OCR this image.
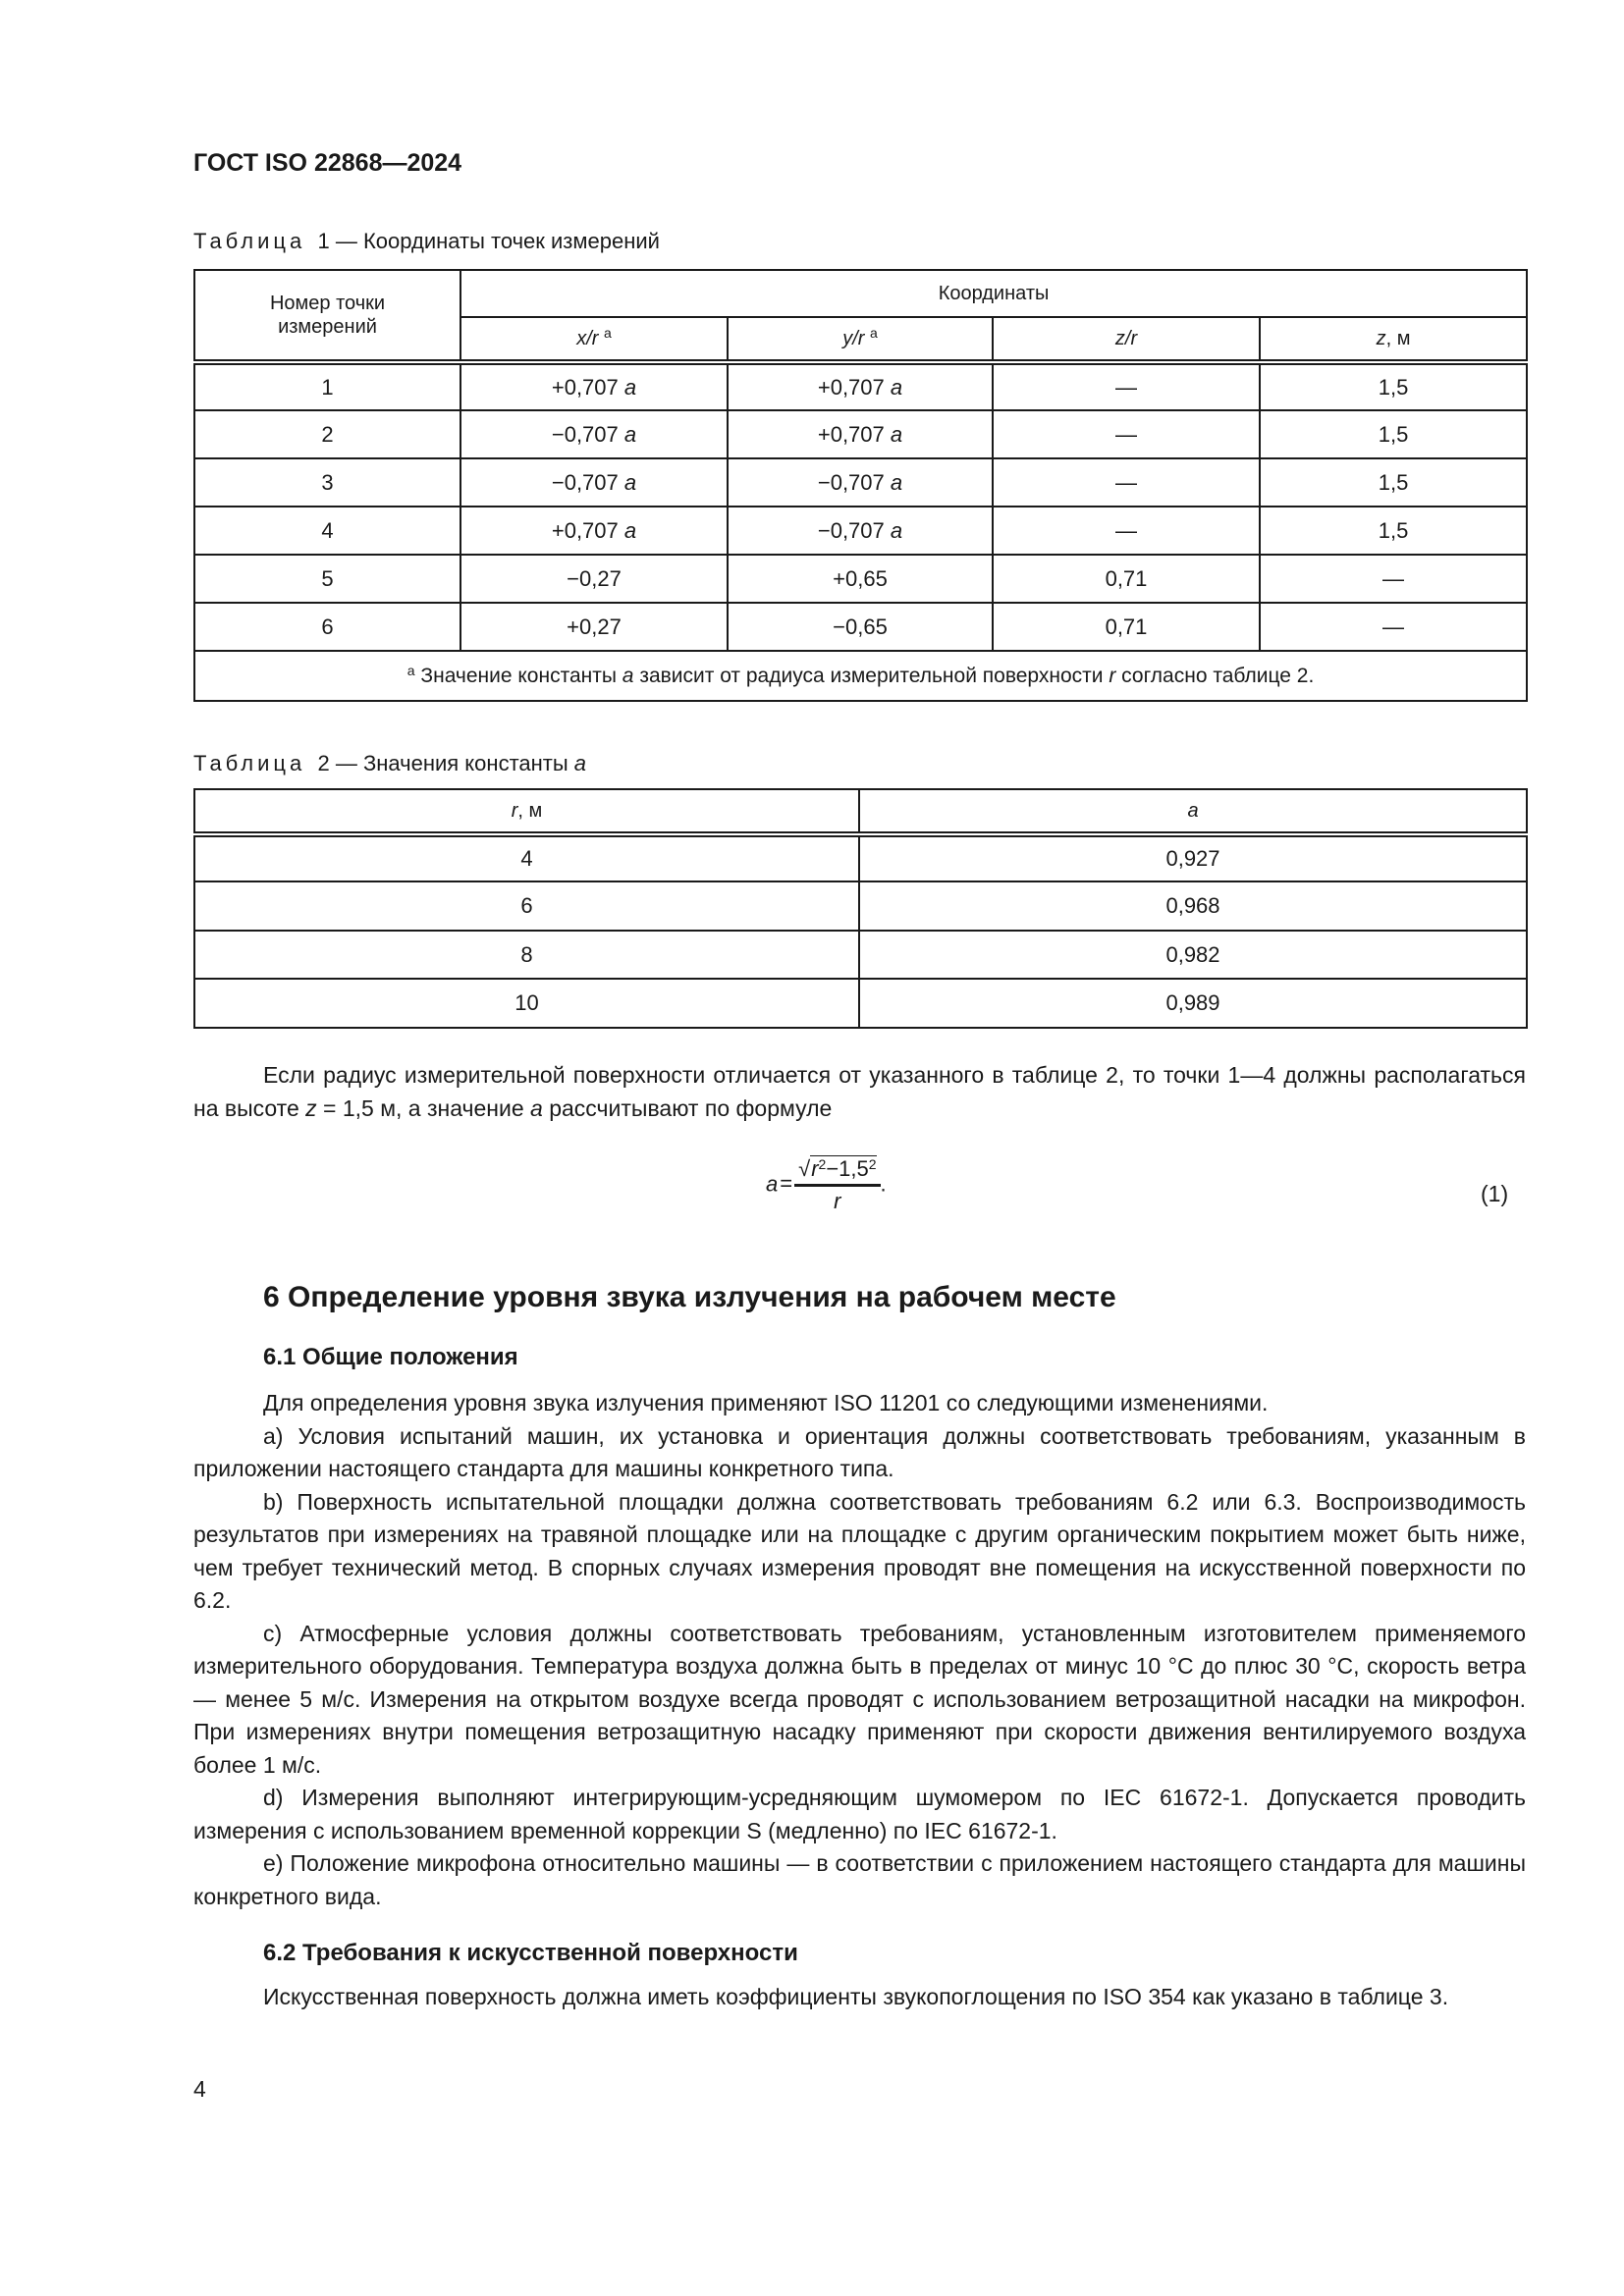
ГОСТ ISO 22868—2024
Таблица 1 — Координаты точек измерений
Номер точки измерений	Координаты			
	x/r $^a$	y/r $^a$	z/r	z, м
1	+0,707 a	+0,707 a	—	1,5
2	−0,707 a	+0,707 a	—	1,5
3	−0,707 a	−0,707 a	—	1,5
4	+0,707 a	−0,707 a	—	1,5
5	−0,27	+0,65	0,71	—
6	+0,27	−0,65	0,71	—
$^a$ Значение константы a зависит от радиуса измерительной поверхности r согласно таблице 2.				
Таблица 2 — Значения константы a
r, м	a
4	0,927
6	0,968
8	0,982
10	0,989

Если радиус измерительной поверхности отличается от указанного в таблице 2, то точки 1—4 должны располагаться на высоте z = 1,5 м, а значение a рассчитывают по формуле

$a= \frac{√r^2-1,5^2}{r}$ .	(1)
6 Определение уровня звука излучения на рабочем месте
6.1 Общие положения

Для определения уровня звука излучения применяют ISO 11201 со следующими изменениями.

a) Условия испытаний машин, их установка и ориентация должны соответствовать требованиям, указанным в приложении настоящего стандарта для машины конкретного типа.

b) Поверхность испытательной площадки должна соответствовать требованиям 6.2 или 6.3. Воспроизводимость результатов при измерениях на травяной площадке или на площадке с другим органическим покрытием может быть ниже, чем требует технический метод. В спорных случаях измерения проводят вне помещения на искусственной поверхности по 6.2.

c) Атмосферные условия должны соответствовать требованиям, установленным изготовителем применяемого измерительного оборудования. Температура воздуха должна быть в пределах от минус 10 °С до плюс 30 °С, скорость ветра — менее 5 м/с. Измерения на открытом воздухе всегда проводят с использованием ветрозащитной насадки на микрофон. При измерениях внутри помещения ветрозащитную насадку применяют при скорости движения вентилируемого воздуха более 1 м/с.

d) Измерения выполняют интегрирующим-усредняющим шумомером по IEC 61672-1. Допускается проводить измерения с использованием временной коррекции S (медленно) по IEC 61672-1.

e) Положение микрофона относительно машины — в соответствии с приложением настоящего стандарта для машины конкретного вида.

6.2 Требования к искусственной поверхности

Искусственная поверхность должна иметь коэффициенты звукопоглощения по ISO 354 как указано в таблице 3.

4
